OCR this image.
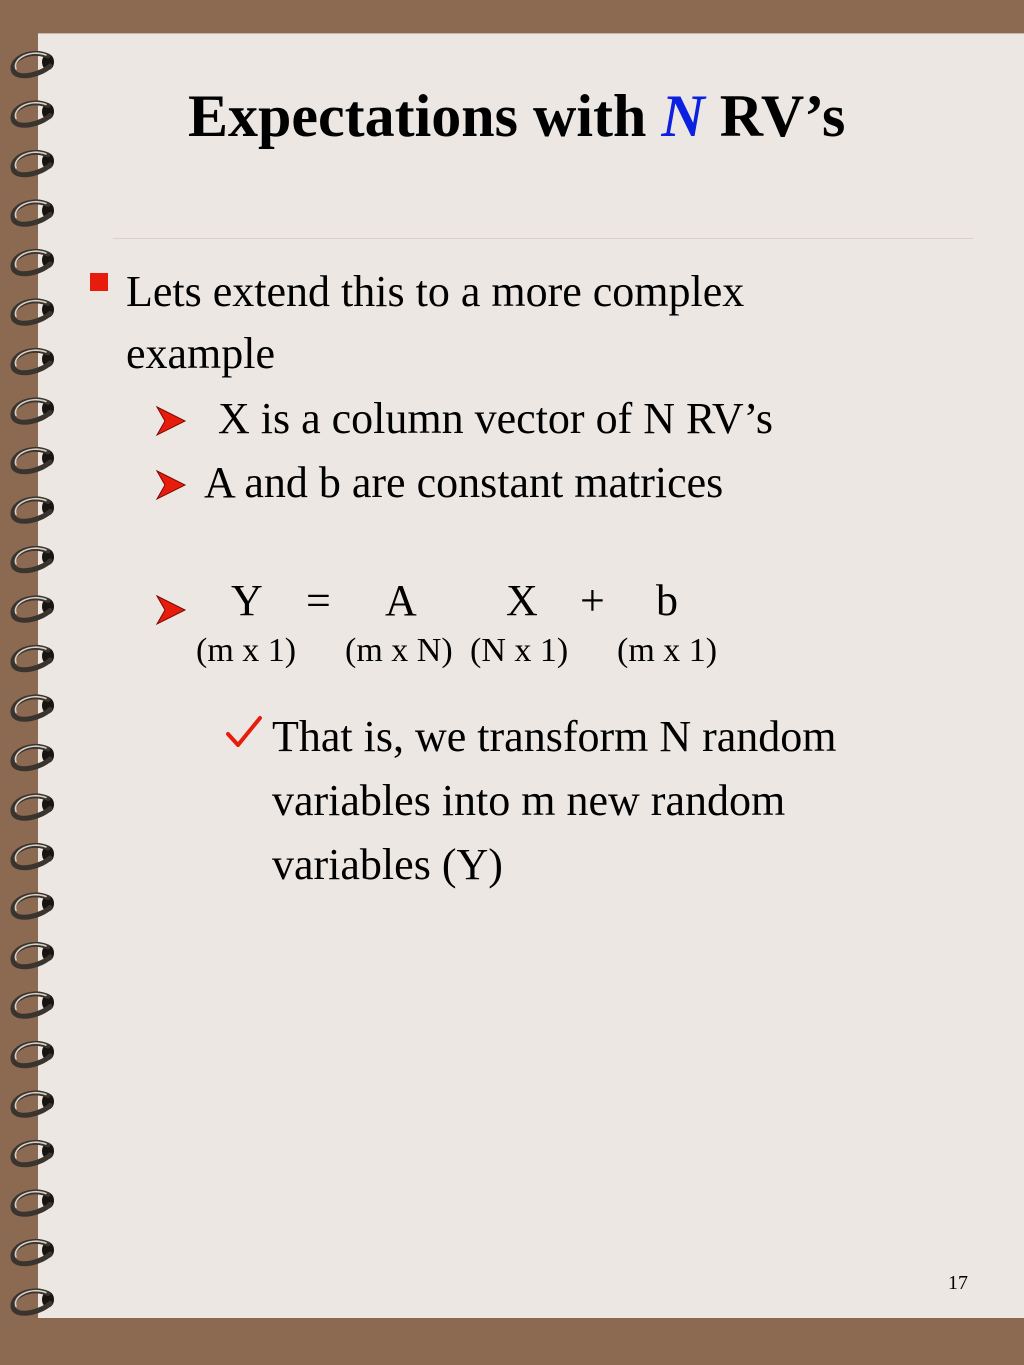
Expectations with N RV’s
Lets extend this to a more complex
example
X is a column vector of N RV’s
A and b are constant matrices
Y = A X + b
(m x 1) (m x N) (N x 1) (m x 1)
That is, we transform N random
variables into m new random
variables (Y)
17
